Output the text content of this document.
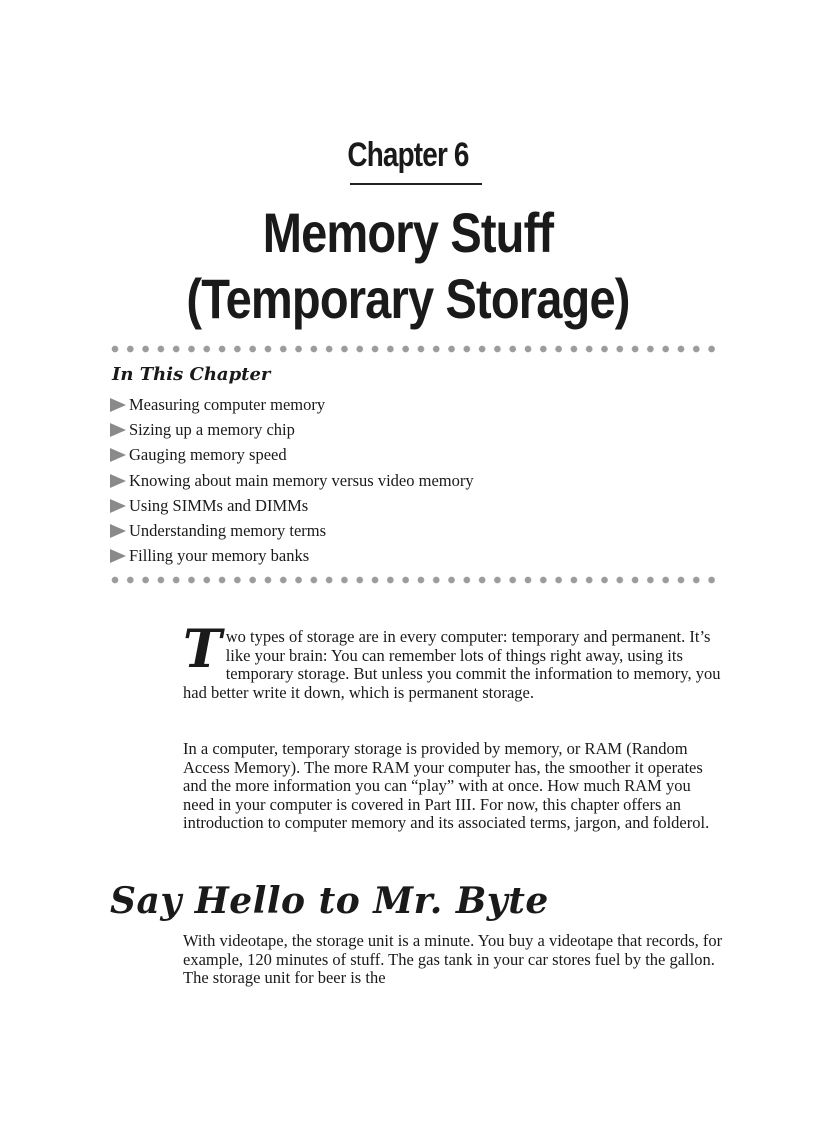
Chapter 6
Memory Stuff
(Temporary Storage)
In This Chapter
Measuring computer memory
Sizing up a memory chip
Gauging memory speed
Knowing about main memory versus video memory
Using SIMMs and DIMMs
Understanding memory terms
Filling your memory banks

Two types of storage are in every computer: temporary and permanent. It’s like your brain: You can remember lots of things right away, using its temporary storage. But unless you commit the information to memory, you had better write it down, which is permanent storage.

In a computer, temporary storage is provided by memory, or RAM (Random Access Memory). The more RAM your computer has, the smoother it operates and the more information you can “play” with at once. How much RAM you need in your computer is covered in Part III. For now, this chapter offers an introduction to computer memory and its associated terms, jargon, and folderol.

Say Hello to Mr. Byte

With videotape, the storage unit is a minute. You buy a videotape that records, for example, 120 minutes of stuff. The gas tank in your car stores fuel by the gallon. The storage unit for beer is the
